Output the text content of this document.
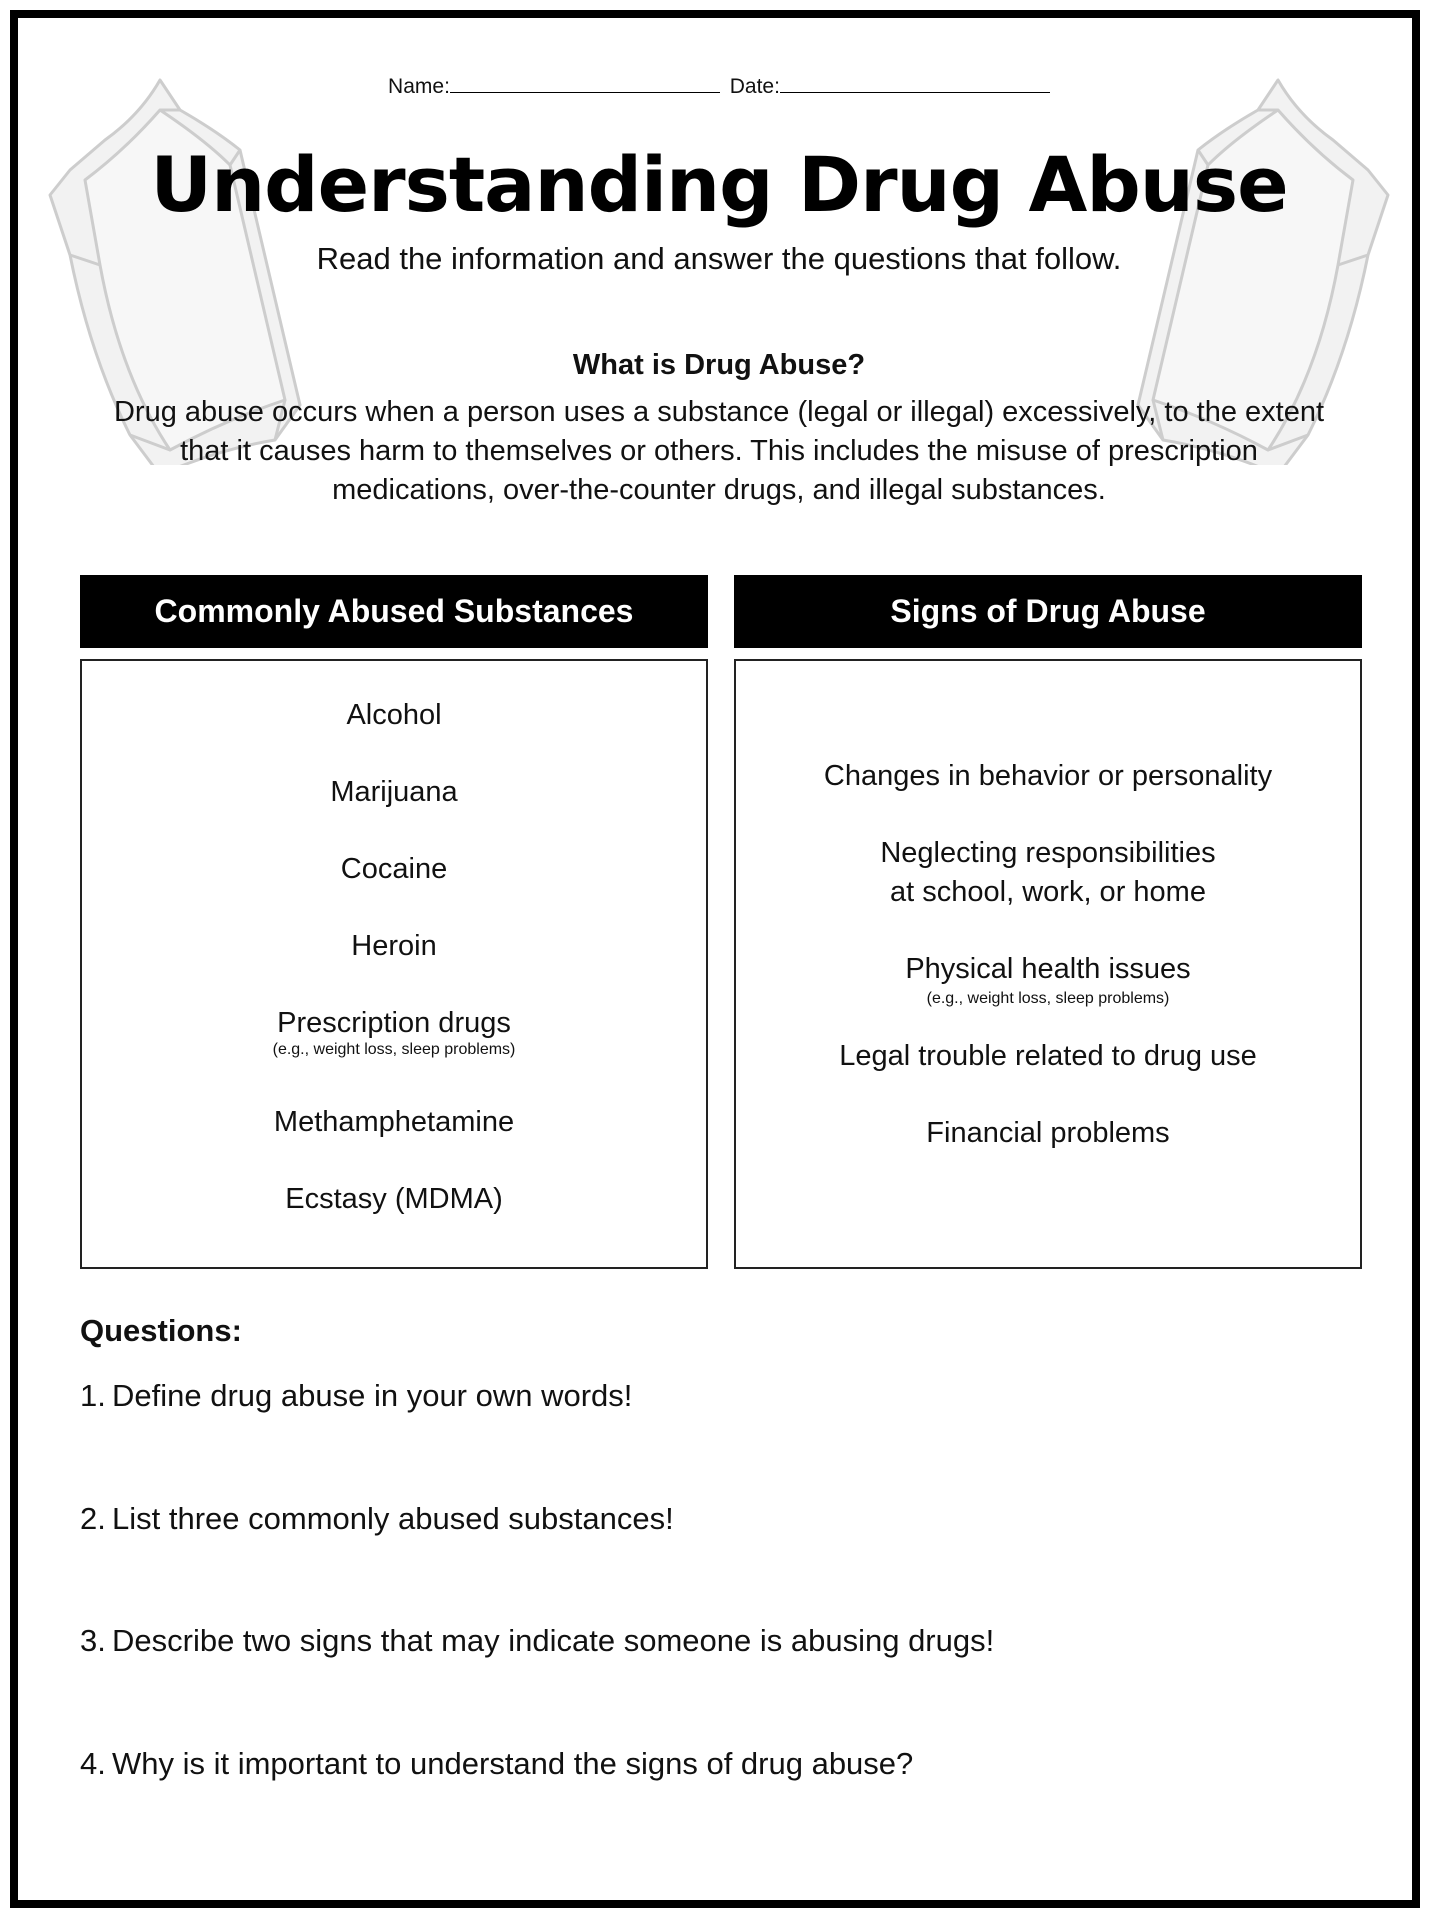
Name:	Date:
Understanding Drug Abuse

Read the information and answer the questions that follow.

What is Drug Abuse?

Drug abuse occurs when a person uses a substance (legal or illegal) excessively, to the extent that it causes harm to themselves or others. This includes the misuse of prescription medications, over-the-counter drugs, and illegal substances.

Commonly Abused Substances
Alcohol
Marijuana
Cocaine
Heroin
Prescription drugs
(e.g., weight loss, sleep problems)
Methamphetamine
Ecstasy (MDMA)
Signs of Drug Abuse
Changes in behavior or personality
Neglecting responsibilities
at school, work, or home
Physical health issues
(e.g., weight loss, sleep problems)
Legal trouble related to drug use
Financial problems
Questions:
1. Define drug abuse in your own words!
2. List three commonly abused substances!
3. Describe two signs that may indicate someone is abusing drugs!
4. Why is it important to understand the signs of drug abuse?
